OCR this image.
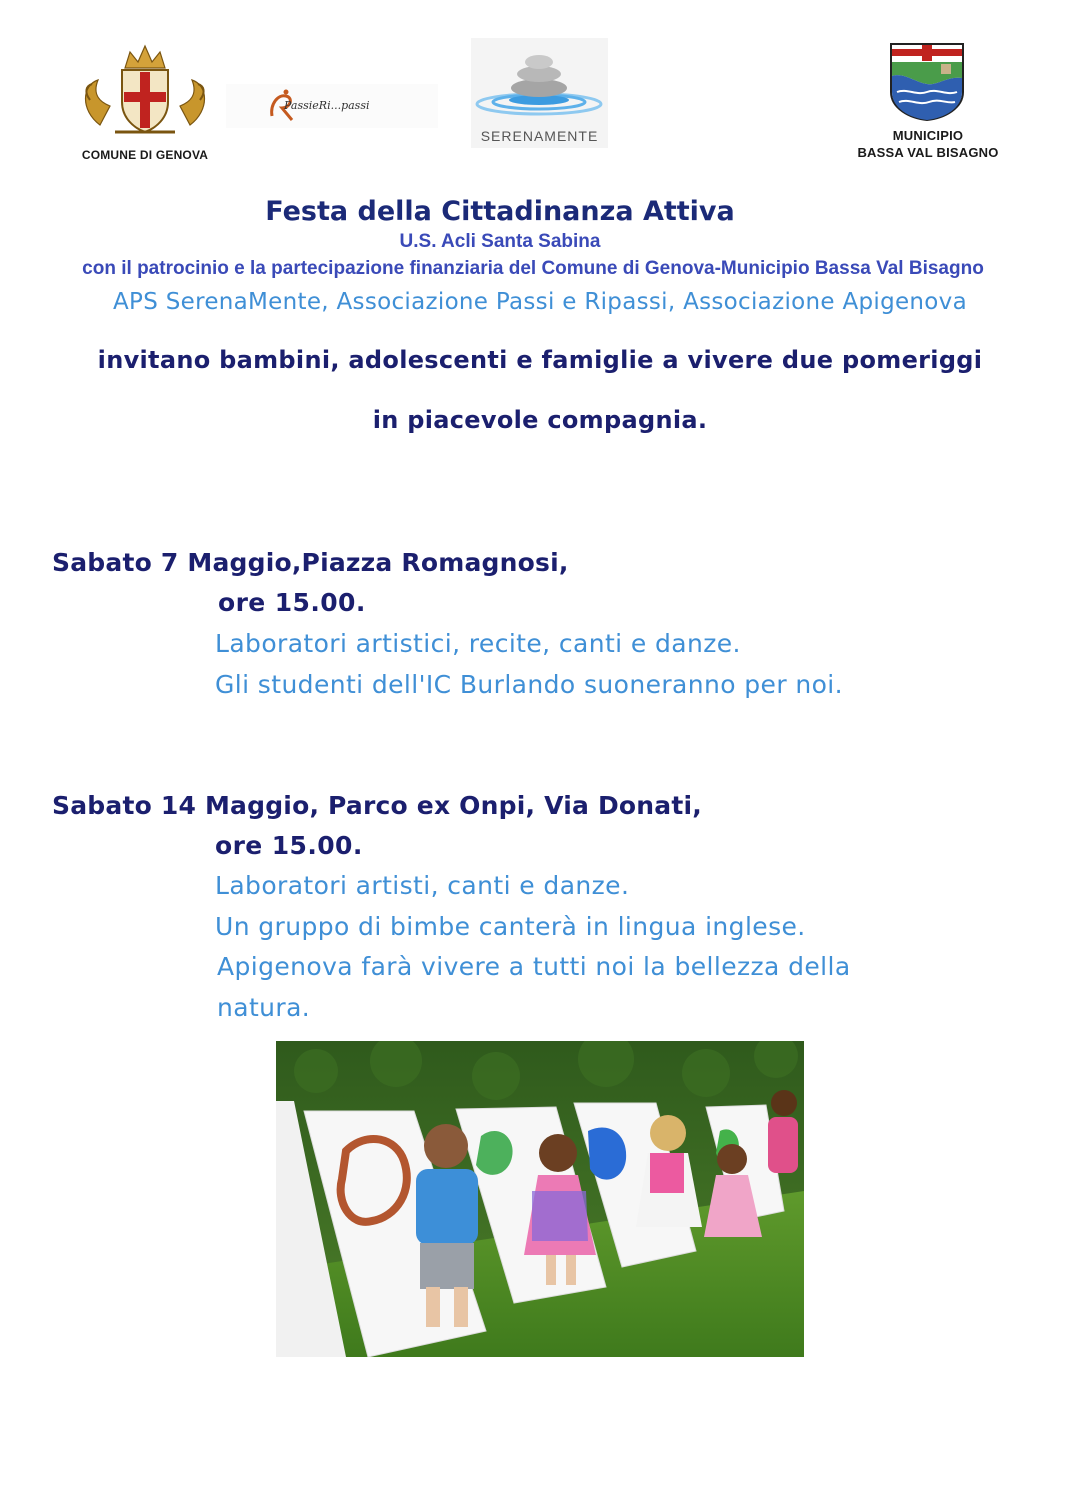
COMUNE DI GENOVA
PassieRi...passi
SERENAMENTE	MUNICIPIO
BASSA VAL BISAGNO
Festa della Cittadinanza Attiva
U.S. Acli Santa Sabina
con il patrocinio e la partecipazione finanziaria del Comune di Genova-Municipio Bassa Val Bisagno
APS SerenaMente, Associazione Passi e Ripassi, Associazione Apigenova
invitano bambini, adolescenti e famiglie a vivere due pomeriggi
in piacevole compagnia.
Sabato 7 Maggio,Piazza Romagnosi,
ore 15.00.
Laboratori artistici, recite, canti e danze.
Gli studenti dell'IC Burlando suoneranno per noi.
Sabato 14 Maggio, Parco ex Onpi, Via Donati,
ore 15.00.
Laboratori artisti, canti e danze.
Un gruppo di bimbe canterà in lingua inglese.
Apigenova farà vivere a tutti noi la bellezza della
natura.
